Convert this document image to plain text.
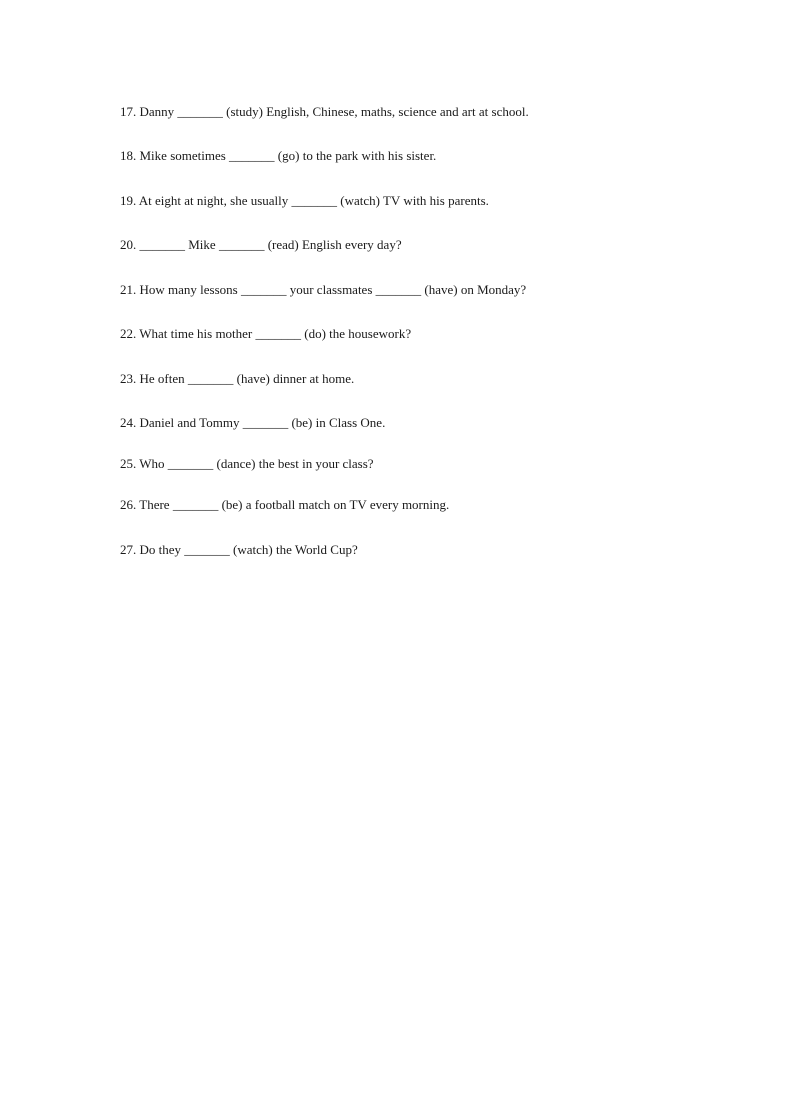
17. Danny _______ (study) English, Chinese, maths, science and art at school.
18. Mike sometimes _______ (go) to the park with his sister.
19. At eight at night, she usually _______ (watch) TV with his parents.
20. _______ Mike _______ (read) English every day?
21. How many lessons _______ your classmates _______ (have) on Monday?
22. What time his mother _______ (do) the housework?
23. He often _______ (have) dinner at home.
24. Daniel and Tommy _______ (be) in Class One.
25. Who _______ (dance) the best in your class?
26. There _______ (be) a football match on TV every morning.
27. Do they _______ (watch) the World Cup?
